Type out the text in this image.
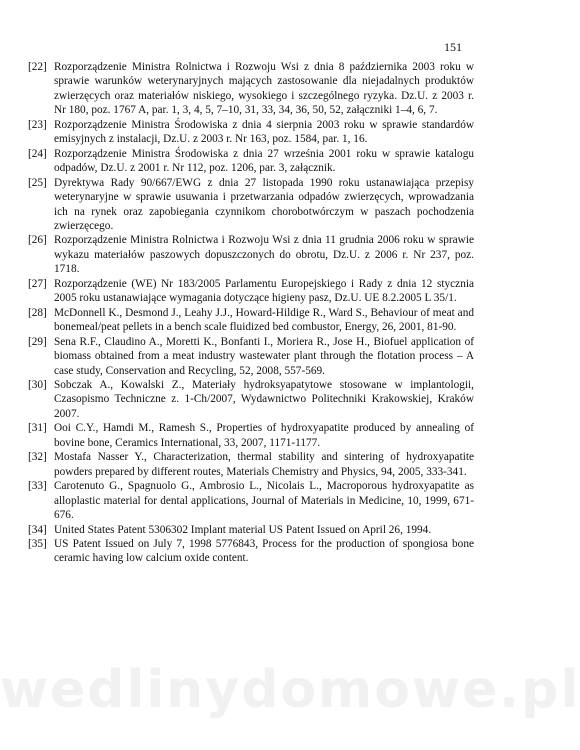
151

[22] Rozporządzenie Ministra Rolnictwa i Rozwoju Wsi z dnia 8 października 2003 roku w sprawie warunków weterynaryjnych mających zastosowanie dla niejadalnych produktów zwierzęcych oraz materiałów niskiego, wysokiego i szczególnego ryzyka. Dz.U. z 2003 r. Nr 180, poz. 1767 A, par. 1, 3, 4, 5, 7–10, 31, 33, 34, 36, 50, 52, załączniki 1–4, 6, 7.

[23] Rozporządzenie Ministra Środowiska z dnia 4 sierpnia 2003 roku w sprawie standardów emisyjnych z instalacji, Dz.U. z 2003 r. Nr 163, poz. 1584, par. 1, 16.

[24] Rozporządzenie Ministra Środowiska z dnia 27 września 2001 roku w sprawie katalogu odpadów, Dz.U. z 2001 r. Nr 112, poz. 1206, par. 3, załącznik.

[25] Dyrektywa Rady 90/667/EWG z dnia 27 listopada 1990 roku ustanawiająca przepisy weterynaryjne w sprawie usuwania i przetwarzania odpadów zwierzęcych, wprowadzania ich na rynek oraz zapobiegania czynnikom chorobotwórczym w paszach pochodzenia zwierzęcego.

[26] Rozporządzenie Ministra Rolnictwa i Rozwoju Wsi z dnia 11 grudnia 2006 roku w sprawie wykazu materiałów paszowych dopuszczonych do obrotu, Dz.U. z 2006 r. Nr 237, poz. 1718.

[27] Rozporządzenie (WE) Nr 183/2005 Parlamentu Europejskiego i Rady z dnia 12 stycznia 2005 roku ustanawiające wymagania dotyczące higieny pasz, Dz.U. UE 8.2.2005 L 35/1.

[28] McDonnell K., Desmond J., Leahy J.J., Howard-Hildige R., Ward S., Behaviour of meat and bonemeal/peat pellets in a bench scale fluidized bed combustor, Energy, 26, 2001, 81-90.

[29] Sena R.F., Claudino A., Moretti K., Bonfanti I., Moriera R., Jose H., Biofuel application of biomass obtained from a meat industry wastewater plant through the flotation process – A case study, Conservation and Recycling, 52, 2008, 557-569.

[30] Sobczak A., Kowalski Z., Materiały hydroksyapatytowe stosowane w implantologii, Czasopismo Techniczne z. 1-Ch/2007, Wydawnictwo Politechniki Krakowskiej, Kraków 2007.

[31] Ooi C.Y., Hamdi M., Ramesh S., Properties of hydroxyapatite produced by annealing of bovine bone, Ceramics International, 33, 2007, 1171-1177.

[32] Mostafa Nasser Y., Characterization, thermal stability and sintering of hydroxyapatite powders prepared by different routes, Materials Chemistry and Physics, 94, 2005, 333-341.

[33] Carotenuto G., Spagnuolo G., Ambrosio L., Nicolais L., Macroporous hydroxyapatite as alloplastic material for dental applications, Journal of Materials in Medicine, 10, 1999, 671-676.

[34] United States Patent 5306302 Implant material US Patent Issued on April 26, 1994.

[35] US Patent Issued on July 7, 1998 5776843, Process for the production of spongiosa bone ceramic having low calcium oxide content.

wedlinydomowe.pl
